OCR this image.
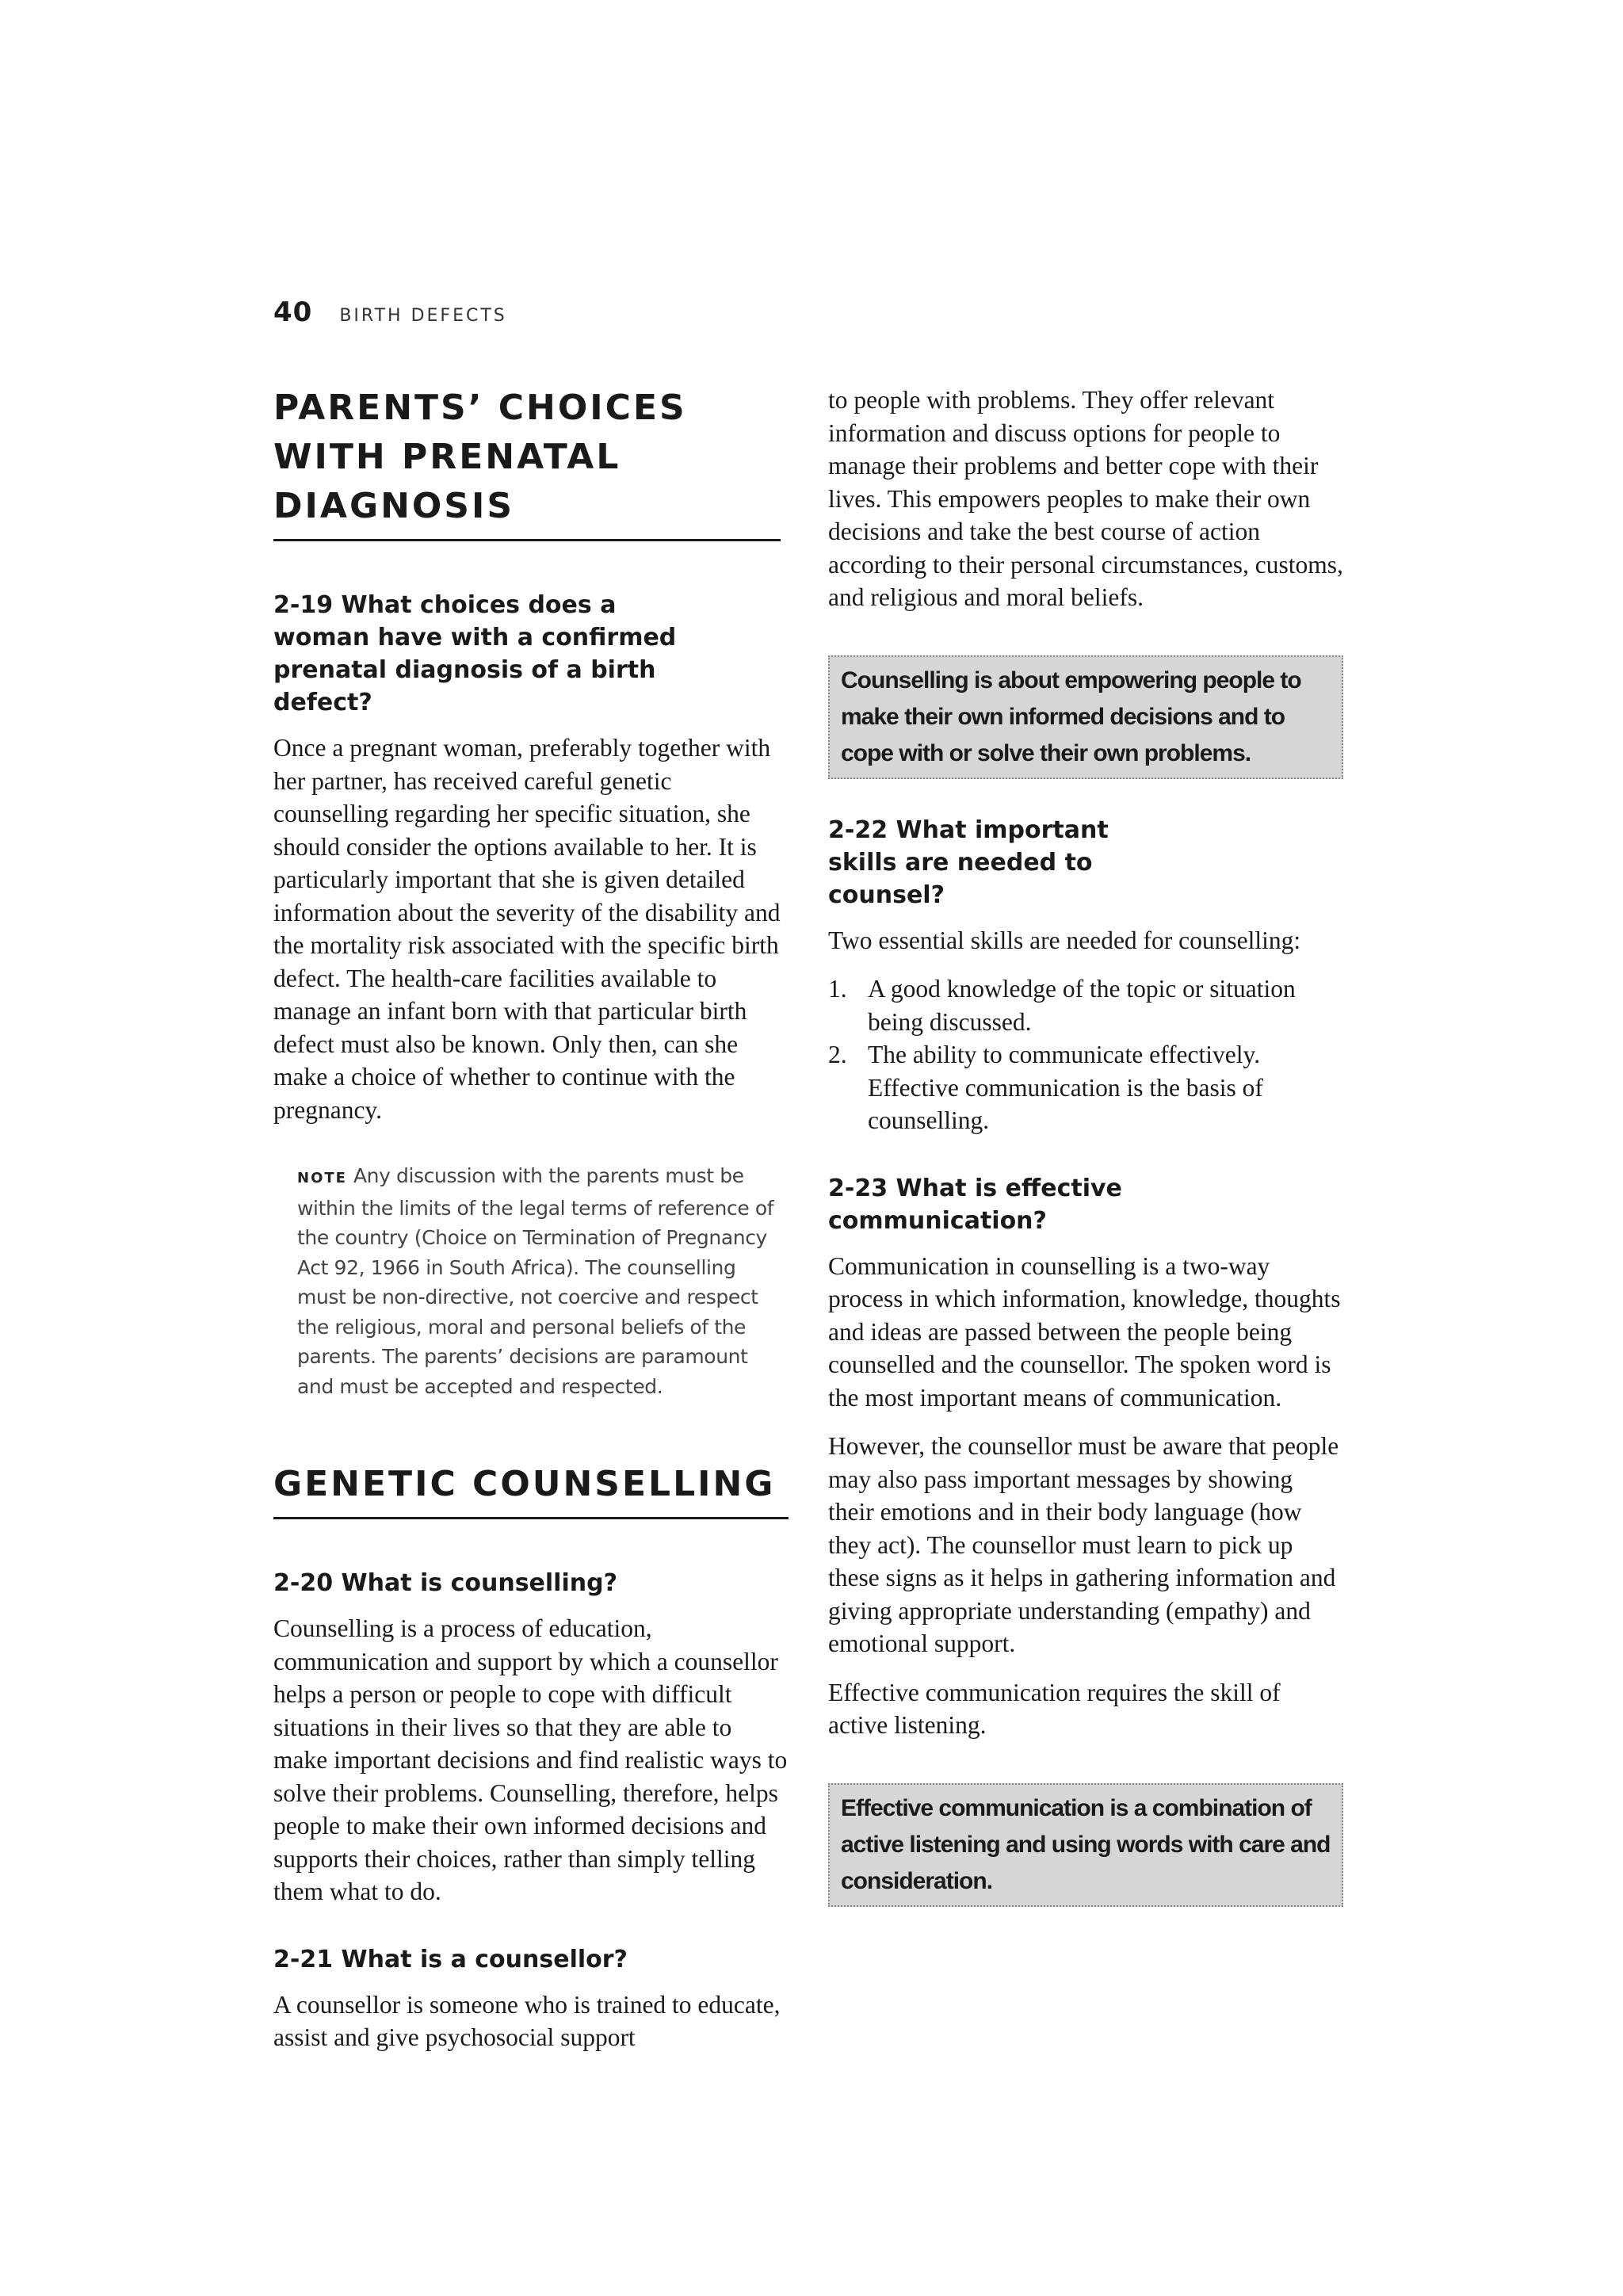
40 BIRTH DEFECTS
PARENTS’ CHOICES WITH PRENATAL DIAGNOSIS
2-19 What choices does a woman have with a confirmed prenatal diagnosis of a birth defect?

Once a pregnant woman, preferably together with her partner, has received careful genetic counselling regarding her specific situation, she should consider the options available to her. It is particularly important that she is given detailed information about the severity of the disability and the mortality risk associated with the specific birth defect. The health-care facilities available to manage an infant born with that particular birth defect must also be known. Only then, can she make a choice of whether to continue with the pregnancy.

NOTE Any discussion with the parents must be within the limits of the legal terms of reference of the country (Choice on Termination of Pregnancy Act 92, 1966 in South Africa). The counselling must be non-directive, not coercive and respect the religious, moral and personal beliefs of the parents. The parents’ decisions are paramount and must be accepted and respected.

GENETIC COUNSELLING
2-20 What is counselling?

Counselling is a process of education, communication and support by which a counsellor helps a person or people to cope with difficult situations in their lives so that they are able to make important decisions and find realistic ways to solve their problems. Counselling, therefore, helps people to make their own informed decisions and supports their choices, rather than simply telling them what to do.

2-21 What is a counsellor?

A counsellor is someone who is trained to educate, assist and give psychosocial support

to people with problems. They offer relevant information and discuss options for people to manage their problems and better cope with their lives. This empowers peoples to make their own decisions and take the best course of action according to their personal circumstances, customs, and religious and moral beliefs.

Counselling is about empowering people to make their own informed decisions and to cope with or solve their own problems.
2-22 What important skills are needed to counsel?

Two essential skills are needed for counselling:

1. A good knowledge of the topic or situation being discussed.
2. The ability to communicate effectively. Effective communication is the basis of counselling.
2-23 What is effective communication?

Communication in counselling is a two-way process in which information, knowledge, thoughts and ideas are passed between the people being counselled and the counsellor. The spoken word is the most important means of communication.

However, the counsellor must be aware that people may also pass important messages by showing their emotions and in their body language (how they act). The counsellor must learn to pick up these signs as it helps in gathering information and giving appropriate understanding (empathy) and emotional support.

Effective communication requires the skill of active listening.

Effective communication is a combination of active listening and using words with care and consideration.
